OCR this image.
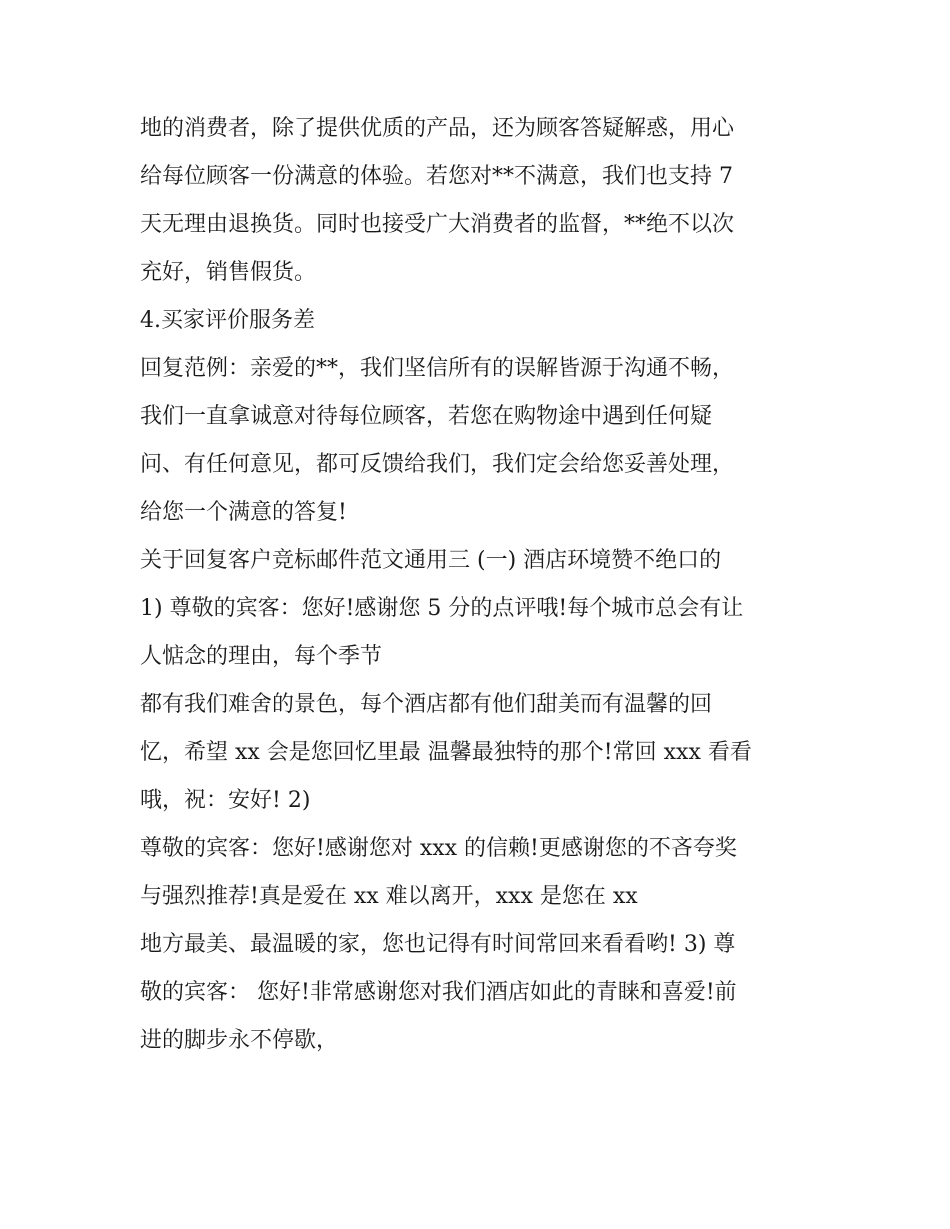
地的消费者，除了提供优质的产品，还为顾客答疑解惑，用心
给每位顾客一份满意的体验。若您对**不满意，我们也支持 7
天无理由退换货。同时也接受广大消费者的监督，**绝不以次
充好，销售假货。
4.买家评价服务差
回复范例：亲爱的**，我们坚信所有的误解皆源于沟通不畅，
我们一直拿诚意对待每位顾客，若您在购物途中遇到任何疑
问、有任何意见，都可反馈给我们，我们定会给您妥善处理，
给您一个满意的答复!
关于回复客户竞标邮件范文通用三 (一) 酒店环境赞不绝口的
1) 尊敬的宾客：您好!感谢您 5 分的点评哦!每个城市总会有让
人惦念的理由，每个季节
都有我们难舍的景色，每个酒店都有他们甜美而有温馨的回
忆，希望 xx 会是您回忆里最 温馨最独特的那个!常回 xxx 看看
哦，祝：安好! 2)
尊敬的宾客：您好!感谢您对 xxx 的信赖!更感谢您的不吝夸奖
与强烈推荐!真是爱在 xx 难以离开，xxx 是您在 xx
地方最美、最温暖的家，您也记得有时间常回来看看哟! 3) 尊
敬的宾客： 您好!非常感谢您对我们酒店如此的青睐和喜爱!前
进的脚步永不停歇，
